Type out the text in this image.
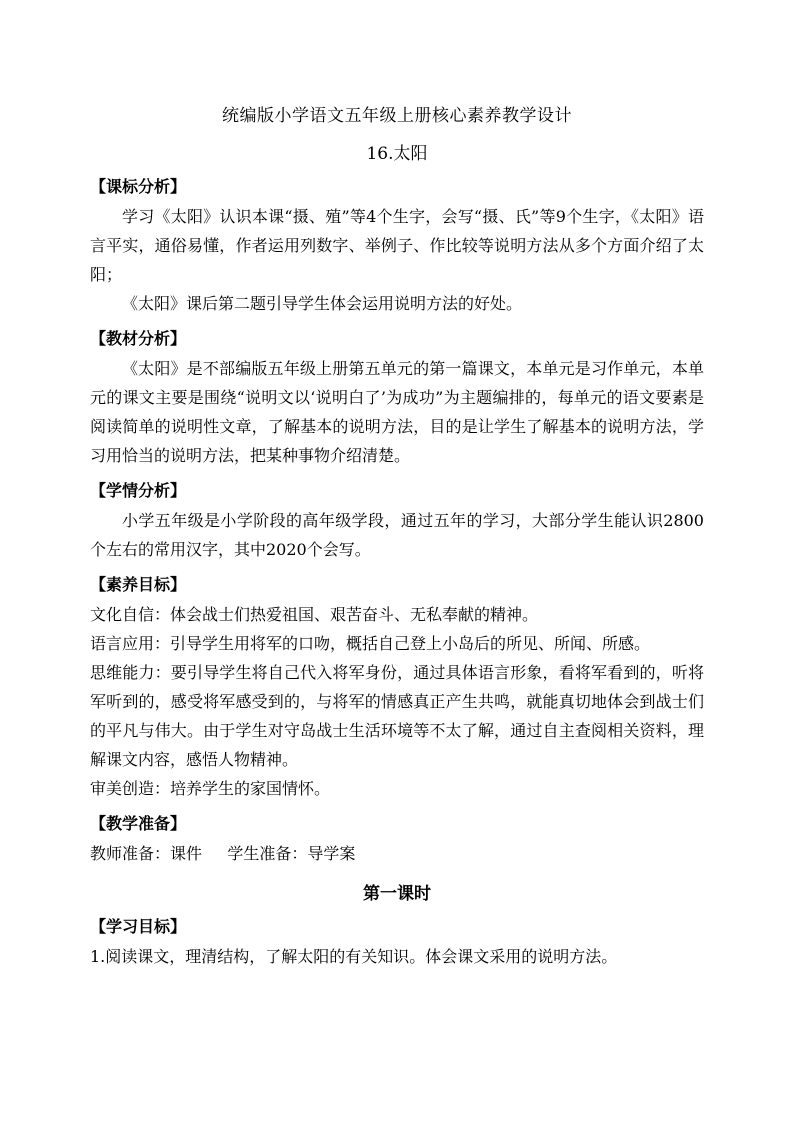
统编版小学语文五年级上册核心素养教学设计

16.太阳

【课标分析】

学习《太阳》认识本课“摄、殖”等4个生字，会写“摄、氏”等9个生字，《太阳》语言平实，通俗易懂，作者运用列数字、举例子、作比较等说明方法从多个方面介绍了太阳；

《太阳》课后第二题引导学生体会运用说明方法的好处。

【教材分析】

《太阳》是不部编版五年级上册第五单元的第一篇课文，本单元是习作单元，本单元的课文主要是围绕“说明文以‘说明白了’为成功”为主题编排的，每单元的语文要素是阅读简单的说明性文章，了解基本的说明方法，目的是让学生了解基本的说明方法，学习用恰当的说明方法，把某种事物介绍清楚。

【学情分析】

小学五年级是小学阶段的高年级学段，通过五年的学习，大部分学生能认识2800个左右的常用汉字，其中2020个会写。

【素养目标】

文化自信：体会战士们热爱祖国、艰苦奋斗、无私奉献的精神。

语言应用：引导学生用将军的口吻，概括自己登上小岛后的所见、所闻、所感。

思维能力：要引导学生将自己代入将军身份，通过具体语言形象，看将军看到的，听将军听到的，感受将军感受到的，与将军的情感真正产生共鸣，就能真切地体会到战士们的平凡与伟大。由于学生对守岛战士生活环境等不太了解，通过自主查阅相关资料，理解课文内容，感悟人物精神。

审美创造：培养学生的家国情怀。

【教学准备】

教师准备：课件     学生准备：导学案

第一课时

【学习目标】

1.阅读课文，理清结构，了解太阳的有关知识。体会课文采用的说明方法。
